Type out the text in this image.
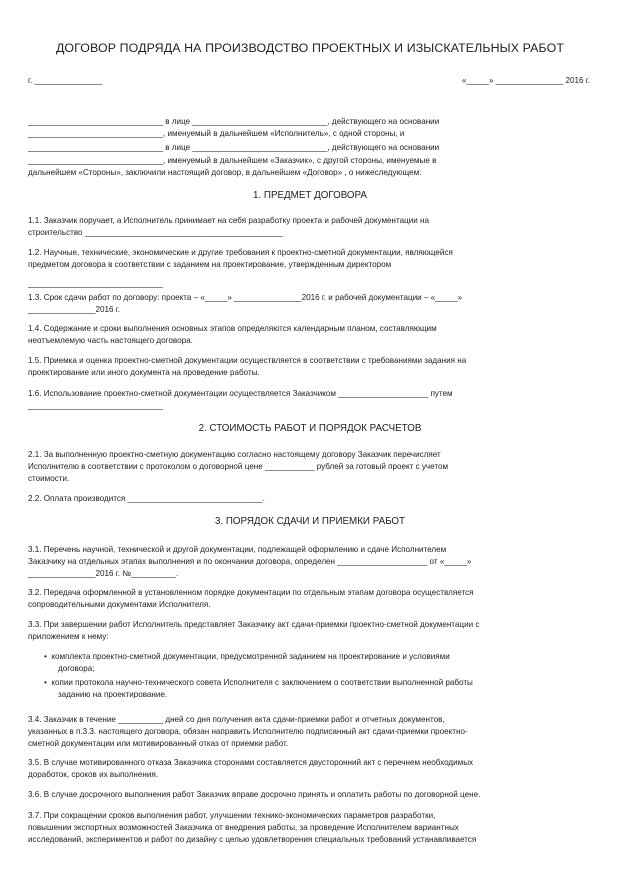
ДОГОВОР ПОДРЯДА НА ПРОИЗВОДСТВО ПРОЕКТНЫХ И ИЗЫСКАТЕЛЬНЫХ РАБОТ
г. _______________	«_____» _______________ 2016 г.
______________________________ в лице ______________________________, действующего на основании
______________________________, именуемый в дальнейшем «Исполнитель», с одной стороны, и
______________________________ в лице ______________________________, действующего на основании
______________________________, именуемый в дальнейшем «Заказчик», с другой стороны, именуемые в
дальнейшем «Стороны», заключили настоящий договор, в дальнейшем «Договор» , о нижеследующем:
1. ПРЕДМЕТ ДОГОВОРА
1.1. Заказчик поручает, а Исполнитель принимает на себя разработку проекта и рабочей документации на
строительство ____________________________________________
1.2. Научные, технические, экономические и другие требования к проектно-сметной документации, являющейся
предметом договора в соответствии с заданием на проектирование, утвержденным директором
______________________________
1.3. Срок сдачи работ по договору: проекта – «_____» _______________2016 г. и рабочей документации – «_____»
_______________2016 г.
1.4. Содержание и сроки выполнения основных этапов определяются календарным планом, составляющим
неотъемлемую часть настоящего договора.
1.5. Приемка и оценка проектно-сметной документации осуществляется в соответствии с требованиями задания на
проектирование или иного документа на проведение работы.
1.6. Использование проектно-сметной документации осуществляется Заказчиком ____________________ путем
______________________________
2. СТОИМОСТЬ РАБОТ И ПОРЯДОК РАСЧЕТОВ
2.1. За выполненную проектно-сметную документацию согласно настоящему договору Заказчик перечисляет
Исполнителю в соответствии с протоколом о договорной цене ___________ рублей за готовый проект с учетом
стоимости.
2.2. Оплата производится ______________________________.
3. ПОРЯДОК СДАЧИ И ПРИЕМКИ РАБОТ
3.1. Перечень научной, технической и другой документации, подлежащей оформлению и сдаче Исполнителем
Заказчику на отдельных этапах выполнения и по окончании договора, определен ____________________ от «_____»
_______________2016 г. №__________.
3.2. Передача оформленной в установленном порядке документации по отдельным этапам договора осуществляется
сопроводительными документами Исполнителя.
3.3. При завершении работ Исполнитель представляет Заказчику акт сдачи-приемки проектно-сметной документации с
приложением к нему:
•  комплекта проектно-сметной документации, предусмотренной заданием на проектирование и условиями
договора;
•  копии протокола научно-технического совета Исполнителя с заключением о соответствии выполненной работы
заданию на проектирование.
3.4. Заказчик в течение __________ дней со дня получения акта сдачи-приемки работ и отчетных документов,
указанных в п.3.3. настоящего договора, обязан направить Исполнителю подписанный акт сдачи-приемки проектно-
сметной документации или мотивированный отказ от приемки работ.
3.5. В случае мотивированного отказа Заказчика сторонами составляется двусторонний акт с перечнем необходимых
доработок, сроков их выполнения.
3.6. В случае досрочного выполнения работ Заказчик вправе досрочно принять и оплатить работы по договорной цене.
3.7. При сокращении сроков выполнения работ, улучшении технико-экономических параметров разработки,
повышении экспортных возможностей Заказчика от внедрения работы, за проведение Исполнителем вариантных
исследований, экспериментов и работ по дизайну с целью удовлетворения специальных требований устанавливается
